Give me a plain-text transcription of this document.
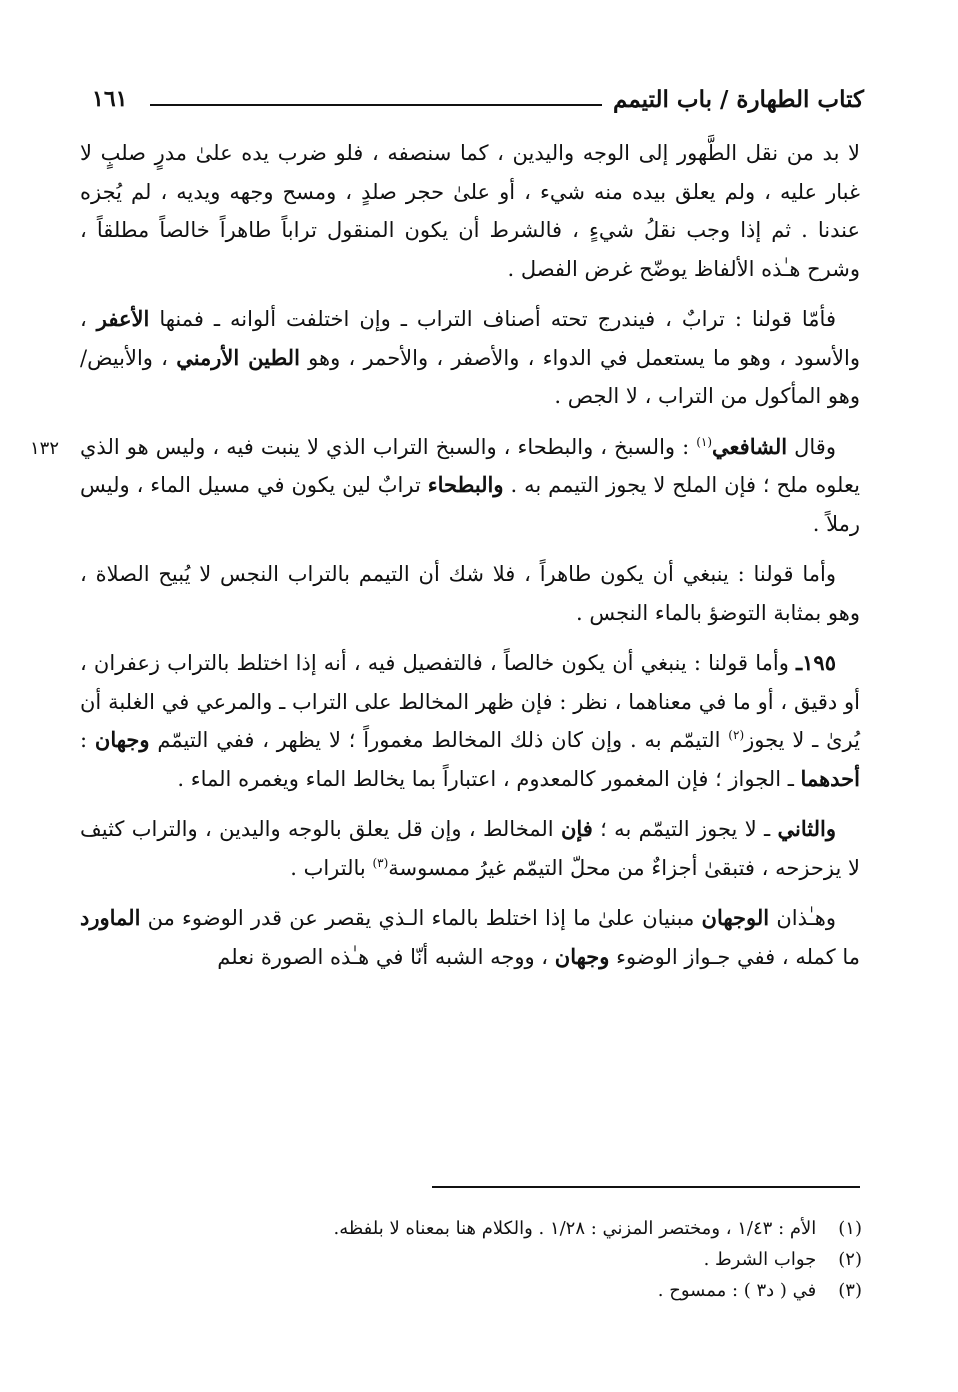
كتاب الطهارة / باب التيمم
١٦١
١٣٢

لا بد من نقل الطَّهور إلى الوجه واليدين ، كما سنصفه ، فلو ضرب يده علىٰ مدرٍ صلبٍ لا غبار عليه ، ولم يعلق بيده منه شيء ، أو علىٰ حجر صلدٍ ، ومسح وجهه ويديه ، لم يُجزه عندنا . ثم إذا وجب نقلُ شيءٍ ، فالشرط أن يكون المنقول تراباً طاهراً خالصاً مطلقاً ، وشرح هـٰذه الألفاظ يوضّح غرض الفصل .

فأمّا قولنا : ترابٌ ، فيندرج تحته أصناف التراب ـ وإن اختلفت ألوانه ـ فمنها الأعفر ، والأسود ، وهو ما يستعمل في الدواء ، والأصفر ، والأحمر ، وهو الطين الأرمني ، والأبيض/ وهو المأكول من التراب ، لا الجص .

وقال الشافعي$^{(١)}$ : والسبخ ، والبطحاء ، والسبخ التراب الذي لا ينبت فيه ، وليس هو الذي يعلوه ملح ؛ فإن الملح لا يجوز التيمم به . والبطحاء ترابٌ لين يكون في مسيل الماء ، وليس رملاً .

وأما قولنا : ينبغي أن يكون طاهراً ، فلا شك أن التيمم بالتراب النجس لا يُبيح الصلاة ، وهو بمثابة التوضؤ بالماء النجس .

١٩٥ـ وأما قولنا : ينبغي أن يكون خالصاً ، فالتفصيل فيه ، أنه إذا اختلط بالتراب زعفران ، أو دقيق ، أو ما في معناهما ، نظر : فإن ظهر المخالط على التراب ـ والمرعي في الغلبة أن يُرىٰ ـ لا يجوز$^{(٢)}$ التيمّم به . وإن كان ذلك المخالط مغموراً ؛ لا يظهر ، ففي التيمّم وجهان : أحدهما ـ الجواز ؛ فإن المغمور كالمعدوم ، اعتباراً بما يخالط الماء ويغمره الماء .

والثاني ـ لا يجوز التيمّم به ؛ فإن المخالط ، وإن قل يعلق بالوجه واليدين ، والتراب كثيف لا يزحزحه ، فتبقىٰ أجزاءٌ من محلّ التيمّم غيرُ ممسوسة$^{(٣)}$ بالتراب .

وهـٰذان الوجهان مبنيان علىٰ ما إذا اختلط بالماء الـذي يقصر عن قدر الوضوء من الماورد ما كمله ، ففي جـواز الوضوء وجهان ، ووجه الشبه أنّا في هـٰذه الصورة نعلم

(١) الأم : ١/٤٣ ، ومختصر المزني : ١/٢٨ . والكلام هنا بمعناه لا بلفظه.

(٢) جواب الشرط .

(٣) في ( د٣ ) : ممسوح .
